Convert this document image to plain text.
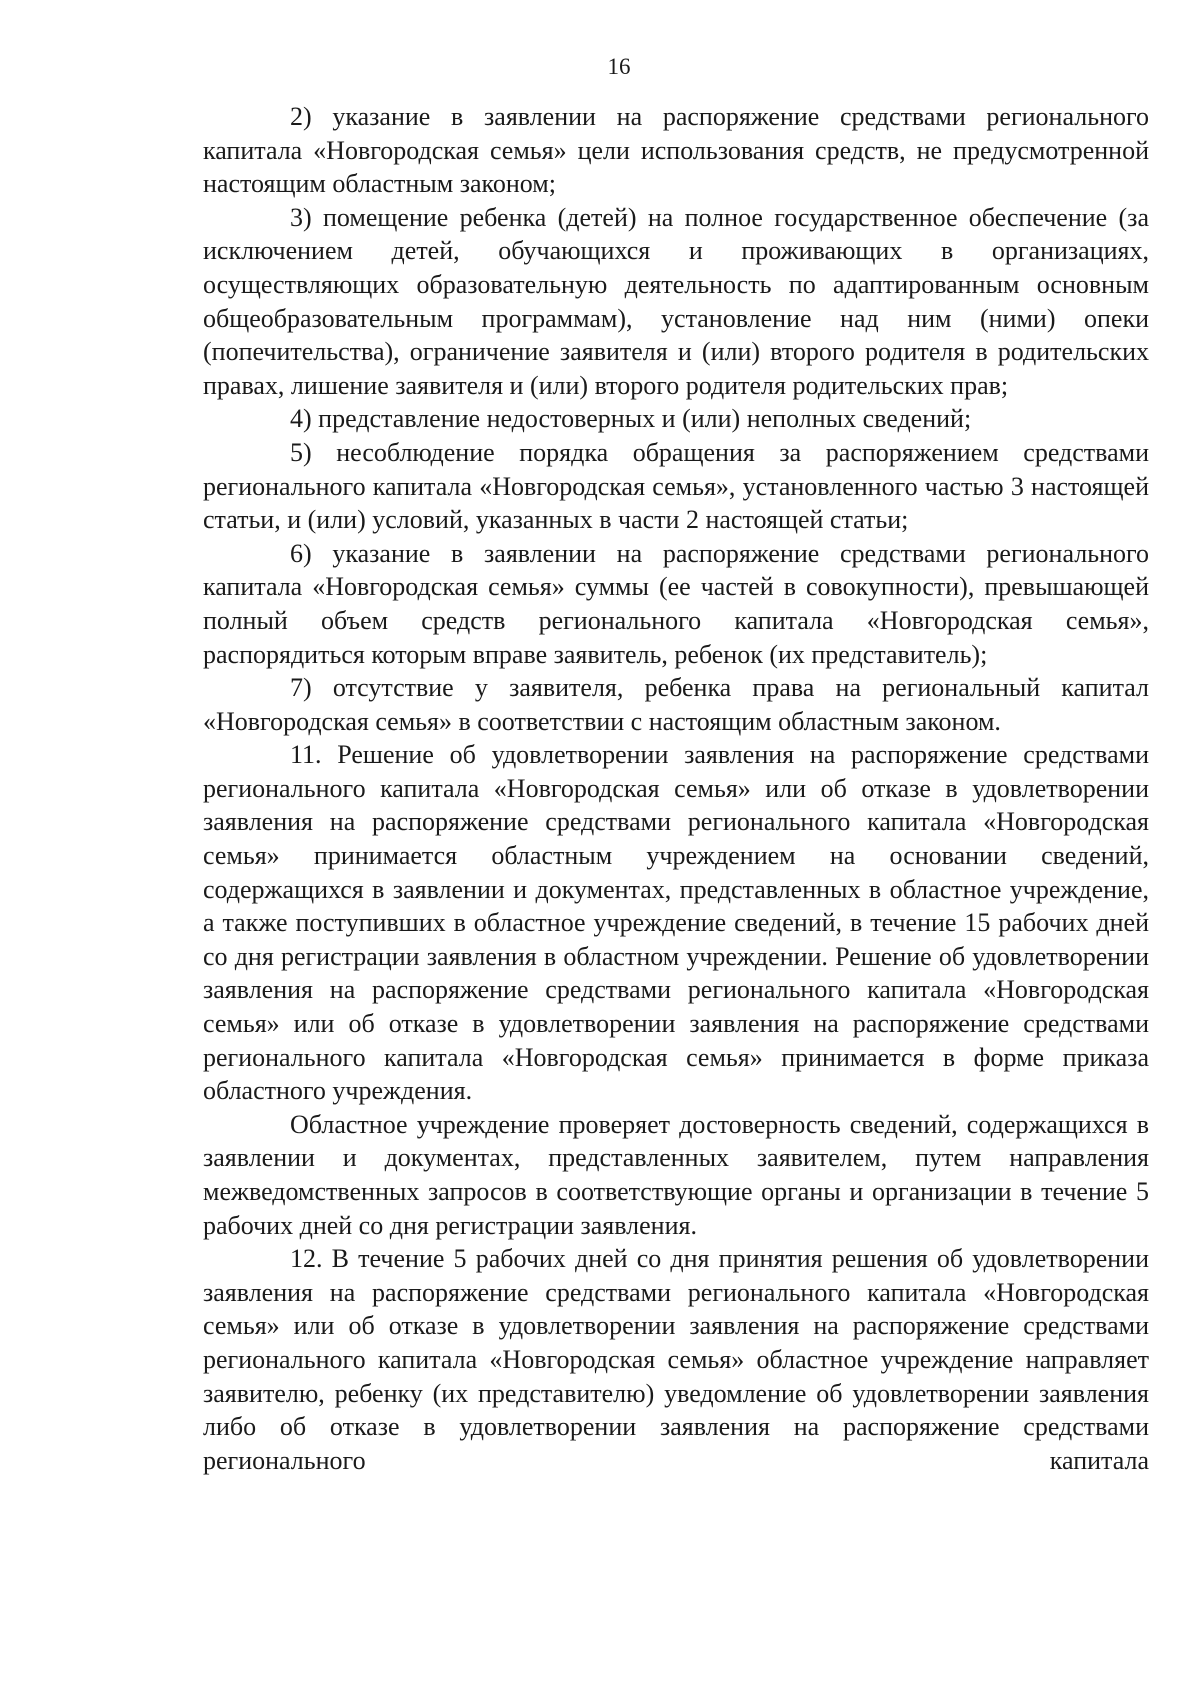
16

2) указание в заявлении на распоряжение средствами регионального капитала «Новгородская семья» цели использования средств, не предусмотренной настоящим областным законом;

3) помещение ребенка (детей) на полное государственное обеспечение (за исключением детей, обучающихся и проживающих в организациях, осуществляющих образовательную деятельность по адаптированным основным общеобразовательным программам), установление над ним (ними) опеки (попечительства), ограничение заявителя и (или) второго родителя в родительских правах, лишение заявителя и (или) второго родителя родительских прав;

4) представление недостоверных и (или) неполных сведений;

5) несоблюдение порядка обращения за распоряжением средствами регионального капитала «Новгородская семья», установленного частью 3 настоящей статьи, и (или) условий, указанных в части 2 настоящей статьи;

6) указание в заявлении на распоряжение средствами регионального капитала «Новгородская семья» суммы (ее частей в совокупности), превышающей полный объем средств регионального капитала «Новгородская семья», распорядиться которым вправе заявитель, ребенок (их представитель);

7) отсутствие у заявителя, ребенка права на региональный капитал «Новгородская семья» в соответствии с настоящим областным законом.

11. Решение об удовлетворении заявления на распоряжение средствами регионального капитала «Новгородская семья» или об отказе в удовлетворении заявления на распоряжение средствами регионального капитала «Новгородская семья» принимается областным учреждением на основании сведений, содержащихся в заявлении и документах, представленных в областное учреждение, а также поступивших в областное учреждение сведений, в течение 15 рабочих дней со дня регистрации заявления в областном учреждении. Решение об удовлетворении заявления на распоряжение средствами регионального капитала «Новгородская семья» или об отказе в удовлетворении заявления на распоряжение средствами регионального капитала «Новгородская семья» принимается в форме приказа областного учреждения.

Областное учреждение проверяет достоверность сведений, содержащихся в заявлении и документах, представленных заявителем, путем направления межведомственных запросов в соответствующие органы и организации в течение 5 рабочих дней со дня регистрации заявления.

12. В течение 5 рабочих дней со дня принятия решения об удовлетворении заявления на распоряжение средствами регионального капитала «Новгородская семья» или об отказе в удовлетворении заявления на распоряжение средствами регионального капитала «Новгородская семья» областное учреждение направляет заявителю, ребенку (их представителю) уведомление об удовлетворении заявления либо об отказе в удовлетворении заявления на распоряжение средствами регионального капитала
